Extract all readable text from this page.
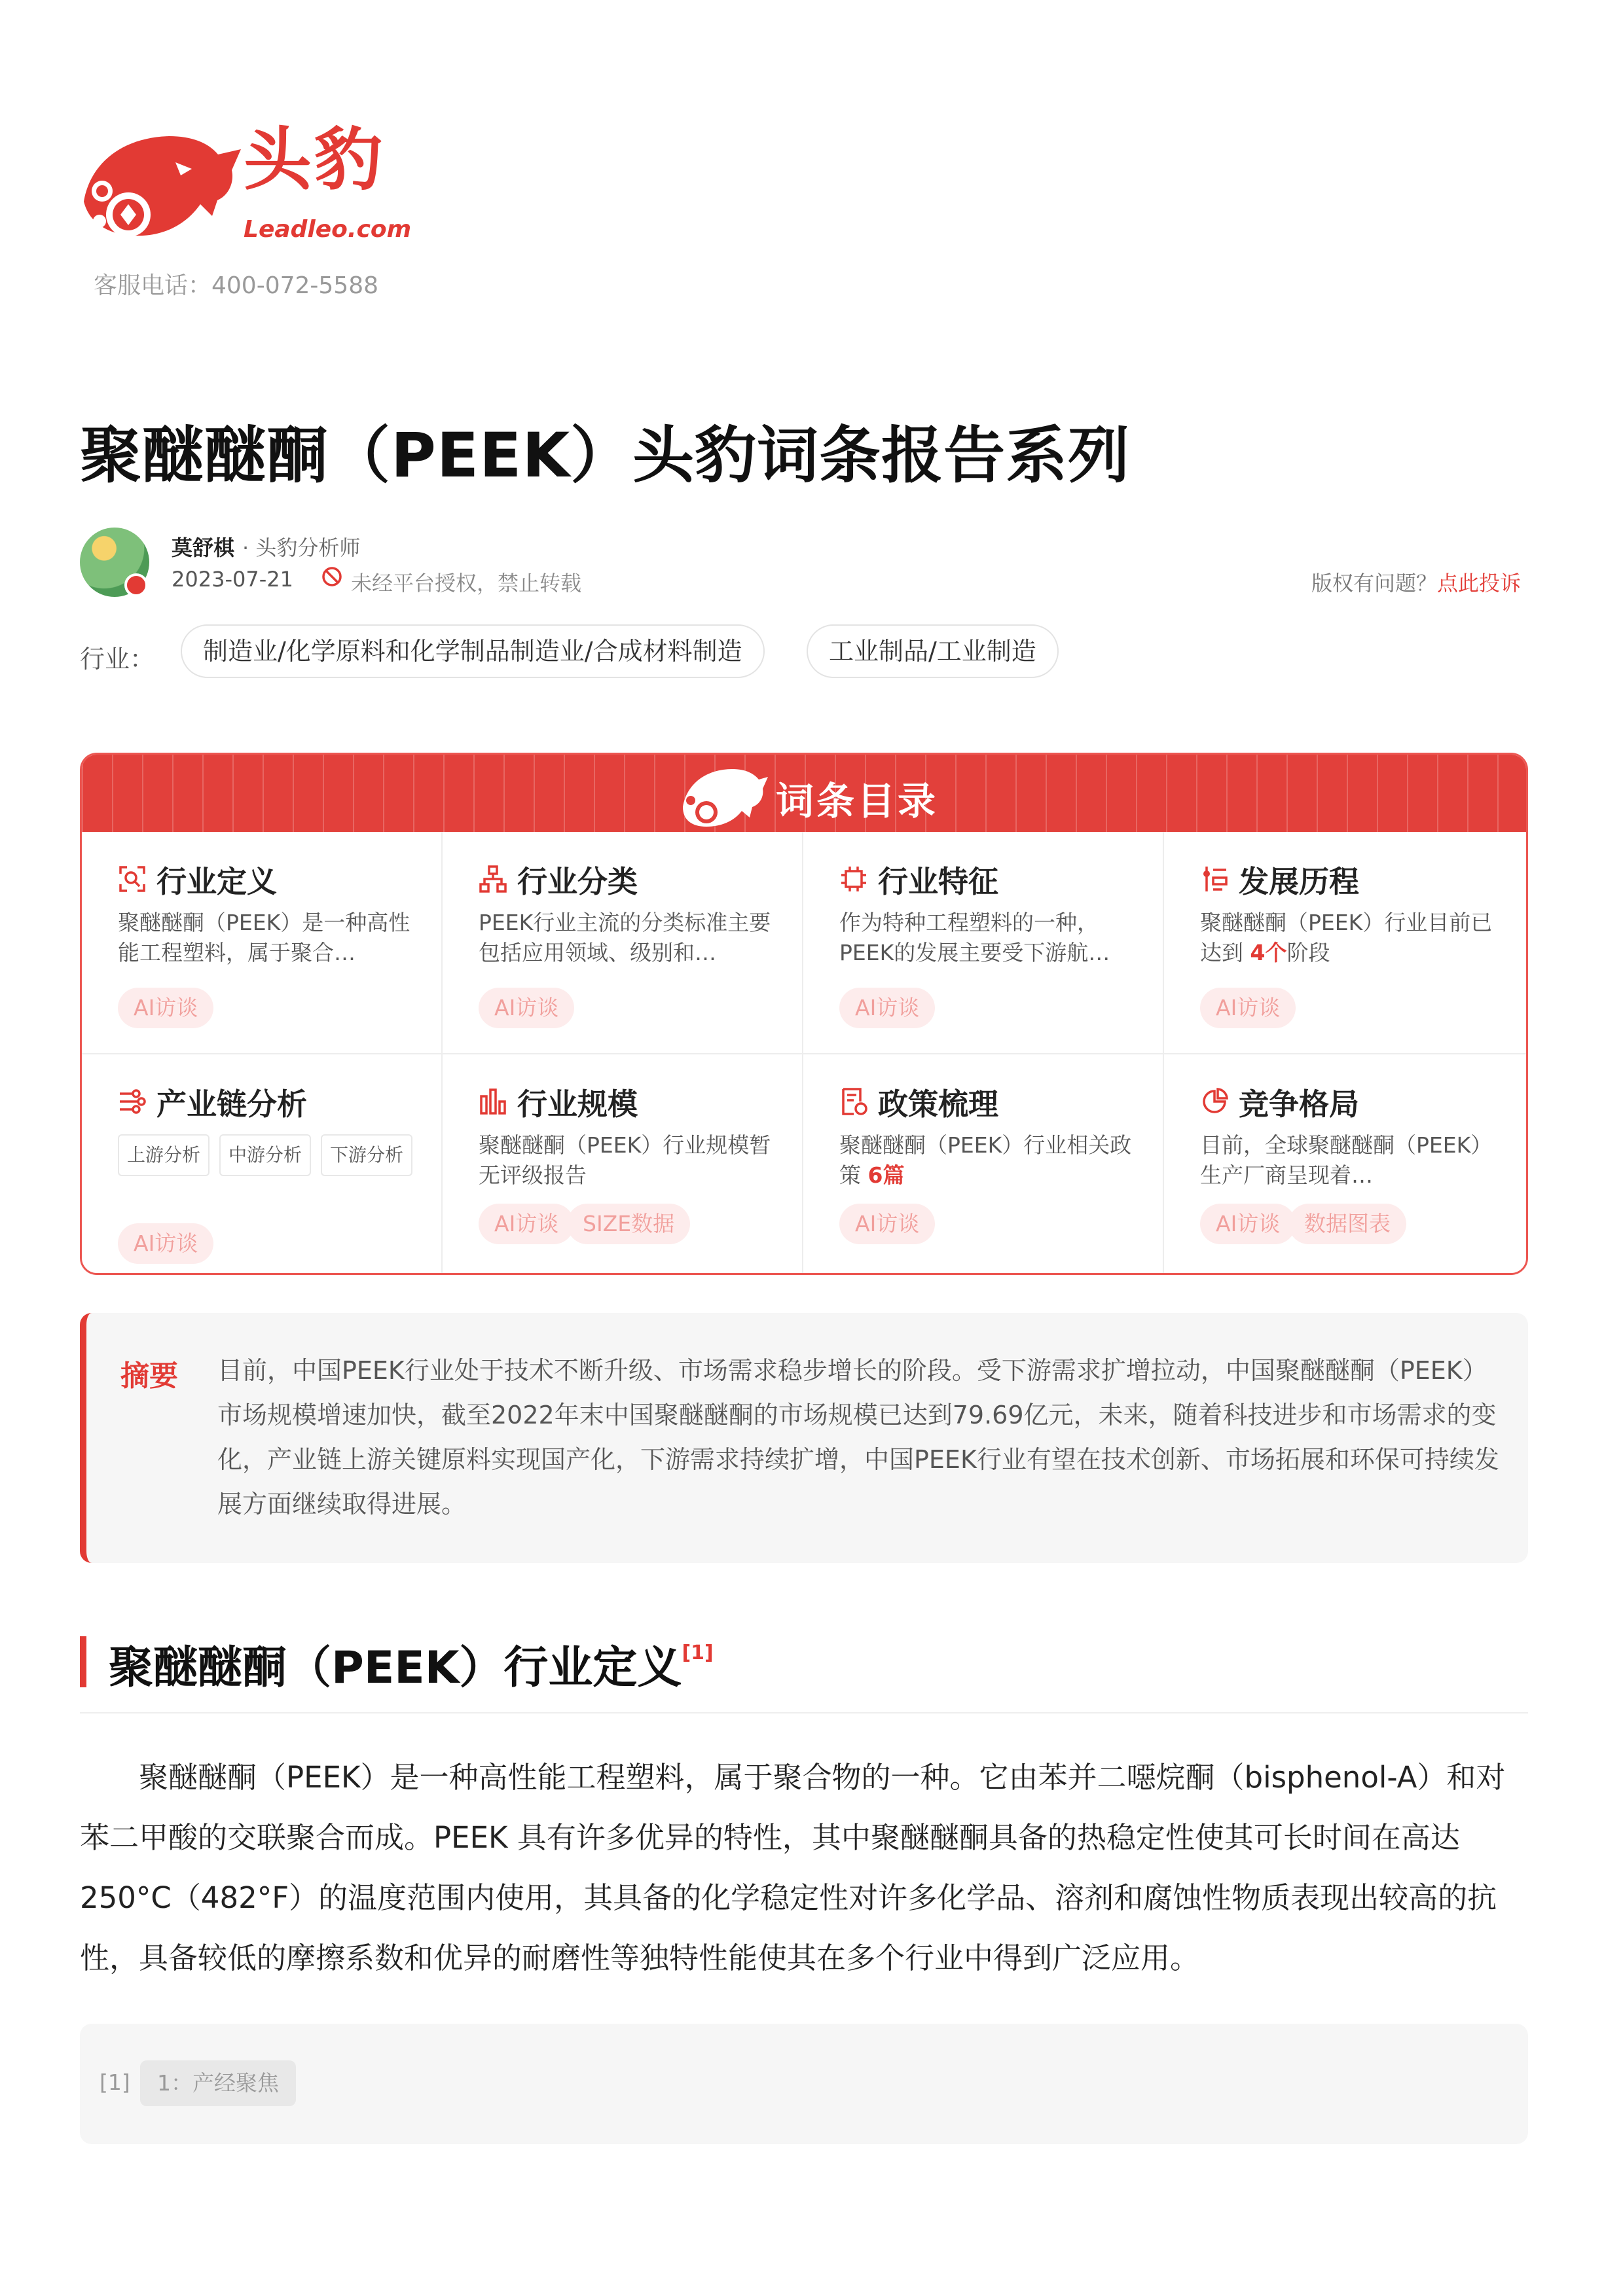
头豹
Leadleo.com
客服电话：400-072-5588
聚醚醚酮（PEEK）头豹词条报告系列
莫舒棋 · 头豹分析师
2023-07-21	未经平台授权，禁止转载	版权有问题？点此投诉
行业：	制造业/化学原料和化学制品制造业/合成材料制造	工业制品/工业制造
词条目录
行业定义
聚醚醚酮（PEEK）是一种高性能工程塑料，属于聚合…
AI访谈
行业分类
PEEK行业主流的分类标准主要包括应用领域、级别和…
AI访谈
行业特征
作为特种工程塑料的一种，PEEK的发展主要受下游航…
AI访谈
发展历程
聚醚醚酮（PEEK）行业目前已达到 4个阶段
AI访谈
产业链分析
上游分析	中游分析	下游分析
AI访谈
行业规模
聚醚醚酮（PEEK）行业规模暂无评级报告
AI访谈	SIZE数据
政策梳理
聚醚醚酮（PEEK）行业相关政策 6篇
AI访谈
竞争格局
目前，全球聚醚醚酮（PEEK）生产厂商呈现着…
AI访谈	数据图表
摘要 目前，中国PEEK行业处于技术不断升级、市场需求稳步增长的阶段。受下游需求扩增拉动，中国聚醚醚酮（PEEK）市场规模增速加快，截至2022年末中国聚醚醚酮的市场规模已达到79.69亿元，未来，随着科技进步和市场需求的变化，产业链上游关键原料实现国产化，下游需求持续扩增，中国PEEK行业有望在技术创新、市场拓展和环保可持续发展方面继续取得进展。
聚醚醚酮（PEEK）行业定义[1]
聚醚醚酮（PEEK）是一种高性能工程塑料，属于聚合物的一种。它由苯并二噁烷酮（bisphenol-A）和对苯二甲酸的交联聚合而成。PEEK 具有许多优异的特性，其中聚醚醚酮具备的热稳定性使其可长时间在高达250°C（482°F）的温度范围内使用，其具备的化学稳定性对许多化学品、溶剂和腐蚀性物质表现出较高的抗性，具备较低的摩擦系数和优异的耐磨性等独特性能使其在多个行业中得到广泛应用。
[1]	1：产经聚焦
